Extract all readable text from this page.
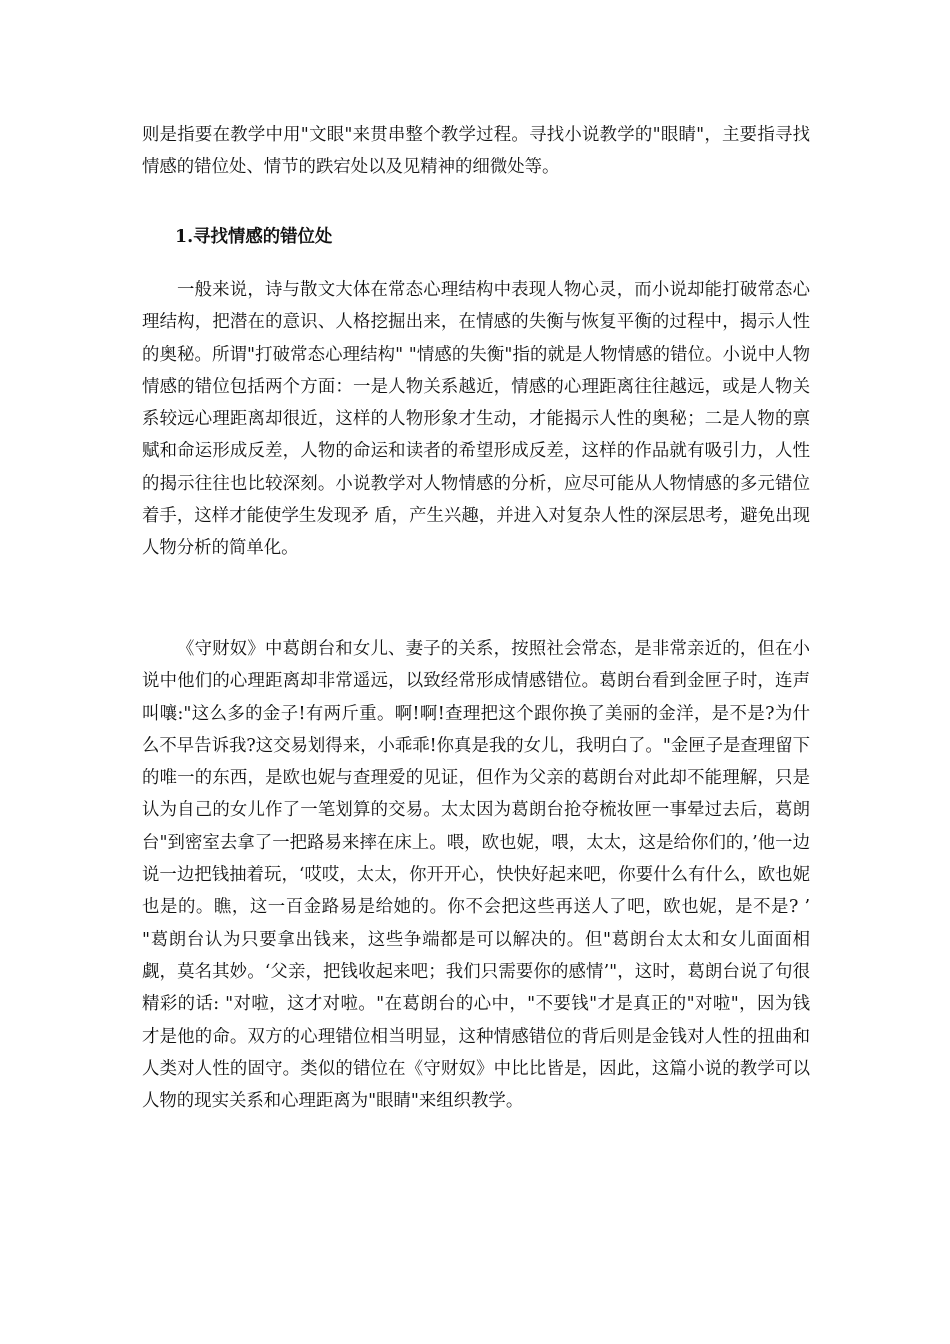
则是指要在教学中用"文眼"来贯串整个教学过程。寻找小说教学的"眼睛"，主要指寻找情感的错位处、情节的跌宕处以及见精神的细微处等。

1.寻找情感的错位处

一般来说，诗与散文大体在常态心理结构中表现人物心灵，而小说却能打破常态心理结构，把潜在的意识、人格挖掘出来，在情感的失衡与恢复平衡的过程中，揭示人性的奥秘。所谓"打破常态心理结构" "情感的失衡"指的就是人物情感的错位。小说中人物情感的错位包括两个方面：一是人物关系越近，情感的心理距离往往越远，或是人物关系较远心理距离却很近，这样的人物形象才生动，才能揭示人性的奥秘；二是人物的禀赋和命运形成反差，人物的命运和读者的希望形成反差，这样的作品就有吸引力，人性的揭示往往也比较深刻。小说教学对人物情感的分析，应尽可能从人物情感的多元错位着手，这样才能使学生发现矛 盾，产生兴趣，并进入对复杂人性的深层思考，避免出现人物分析的简单化。

《守财奴》中葛朗台和女儿、妻子的关系，按照社会常态，是非常亲近的，但在小说中他们的心理距离却非常遥远，以致经常形成情感错位。葛朗台看到金匣子时，连声叫嚷:"这么多的金子!有两斤重。啊!啊!查理把这个跟你换了美丽的金洋，是不是?为什么不早告诉我?这交易划得来，小乖乖!你真是我的女儿，我明白了。"金匣子是查理留下的唯一的东西，是欧也妮与查理爱的见证，但作为父亲的葛朗台对此却不能理解，只是认为自己的女儿作了一笔划算的交易。太太因为葛朗台抢夺梳妆匣一事晕过去后，葛朗台"到密室去拿了一把路易来摔在床上。喂，欧也妮，喂，太太，这是给你们的，’他一边说一边把钱抽着玩，‘哎哎，太太，你开开心，快快好起来吧，你要什么有什么，欧也妮也是的。瞧，这一百金路易是给她的。你不会把这些再送人了吧，欧也妮，是不是? ’ "葛朗台认为只要拿出钱来，这些争端都是可以解决的。但"葛朗台太太和女儿面面相觑，莫名其妙。‘父亲，把钱收起来吧；我们只需要你的感情’"，这时，葛朗台说了句很精彩的话: "对啦，这才对啦。"在葛朗台的心中，"不要钱"才是真正的"对啦"，因为钱才是他的命。双方的心理错位相当明显，这种情感错位的背后则是金钱对人性的扭曲和人类对人性的固守。类似的错位在《守财奴》中比比皆是，因此，这篇小说的教学可以人物的现实关系和心理距离为"眼睛"来组织教学。
